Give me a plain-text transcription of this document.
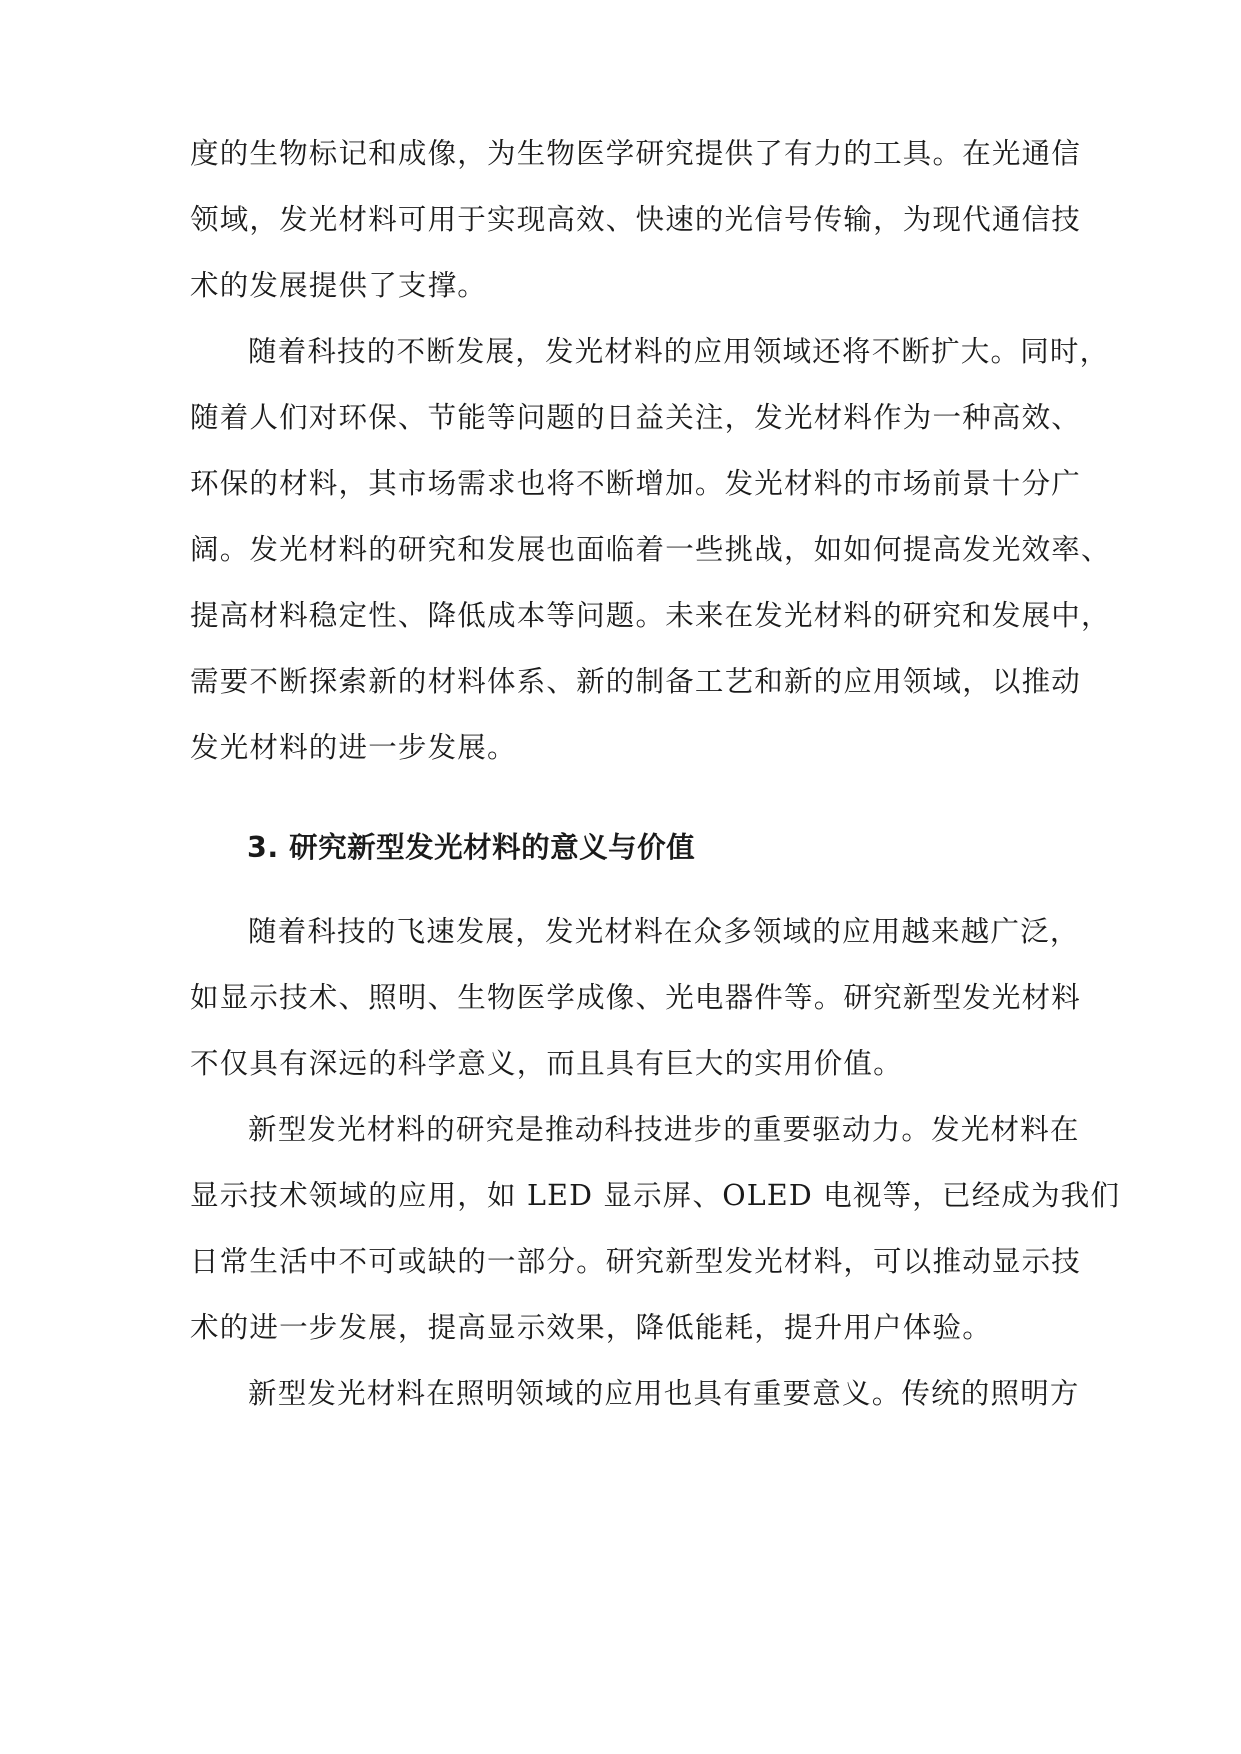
度的生物标记和成像，为生物医学研究提供了有力的工具。在光通信
领域，发光材料可用于实现高效、快速的光信号传输，为现代通信技
术的发展提供了支撑。
随着科技的不断发展，发光材料的应用领域还将不断扩大。同时，
随着人们对环保、节能等问题的日益关注，发光材料作为一种高效、
环保的材料，其市场需求也将不断增加。发光材料的市场前景十分广
阔。发光材料的研究和发展也面临着一些挑战，如如何提高发光效率、
提高材料稳定性、降低成本等问题。未来在发光材料的研究和发展中，
需要不断探索新的材料体系、新的制备工艺和新的应用领域，以推动
发光材料的进一步发展。
3. 研究新型发光材料的意义与价值
随着科技的飞速发展，发光材料在众多领域的应用越来越广泛，
如显示技术、照明、生物医学成像、光电器件等。研究新型发光材料
不仅具有深远的科学意义，而且具有巨大的实用价值。
新型发光材料的研究是推动科技进步的重要驱动力。发光材料在
显示技术领域的应用，如 LED 显示屏、OLED 电视等，已经成为我们
日常生活中不可或缺的一部分。研究新型发光材料，可以推动显示技
术的进一步发展，提高显示效果，降低能耗，提升用户体验。
新型发光材料在照明领域的应用也具有重要意义。传统的照明方
